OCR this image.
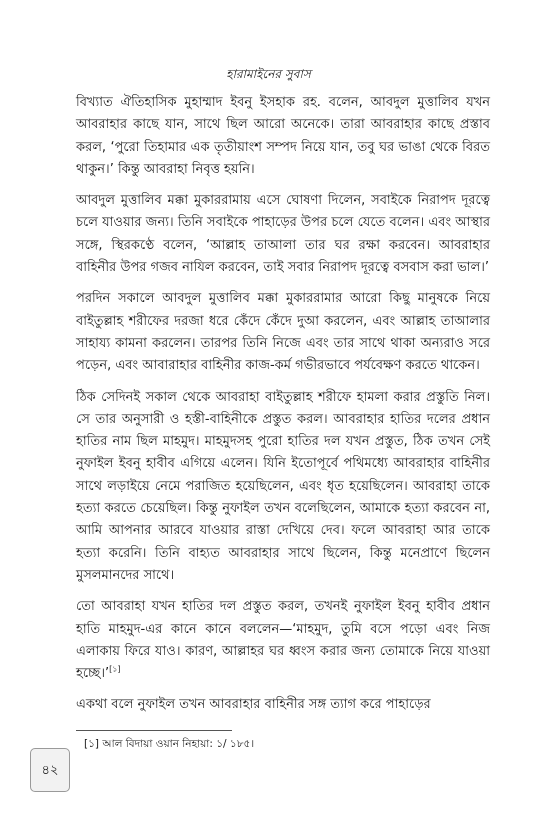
হারামাইনের সুবাস

বিখ্যাত ঐতিহাসিক মুহাম্মাদ ইবনু ইসহাক রহ. বলেন, আবদুল মুত্তালিব যখন আবরাহার কাছে যান, সাথে ছিল আরো অনেকে। তারা আবরাহার কাছে প্রস্তাব করল, ‘পুরো তিহামার এক তৃতীয়াংশ সম্পদ নিয়ে যান, তবু ঘর ভাঙা থেকে বিরত থাকুন।’ কিন্তু আবরাহা নিবৃত্ত হয়নি।

আবদুল মুত্তালিব মক্কা মুকাররামায় এসে ঘোষণা দিলেন, সবাইকে নিরাপদ দূরত্বে চলে যাওয়ার জন্য। তিনি সবাইকে পাহাড়ের উপর চলে যেতে বলেন। এবং আস্থার সঙ্গে, স্থিরকণ্ঠে বলেন, ‘আল্লাহ তাআলা তার ঘর রক্ষা করবেন। আবরাহার বাহিনীর উপর গজব নাযিল করবেন, তাই সবার নিরাপদ দূরত্বে বসবাস করা ভাল।’

পরদিন সকালে আবদুল মুত্তালিব মক্কা মুকাররামার আরো কিছু মানুষকে নিয়ে বাইতুল্লাহ শরীফের দরজা ধরে কেঁদে কেঁদে দুআ করলেন, এবং আল্লাহ তাআলার সাহায্য কামনা করলেন। তারপর তিনি নিজে এবং তার সাথে থাকা অন্যরাও সরে পড়েন, এবং আবারাহার বাহিনীর কাজ-কর্ম গভীরভাবে পর্যবেক্ষণ করতে থাকেন।

ঠিক সেদিনই সকাল থেকে আবরাহা বাইতুল্লাহ শরীফে হামলা করার প্রস্তুতি নিল। সে তার অনুসারী ও হস্তী-বাহিনীকে প্রস্তুত করল। আবরাহার হাতির দলের প্রধান হাতির নাম ছিল মাহমুদ। মাহমুদসহ পুরো হাতির দল যখন প্রস্তুত, ঠিক তখন সেই নুফাইল ইবনু হাবীব এগিয়ে এলেন। যিনি ইতোপূর্বে পথিমধ্যে আবরাহার বাহিনীর সাথে লড়াইয়ে নেমে পরাজিত হয়েছিলেন, এবং ধৃত হয়েছিলেন। আবরাহা তাকে হত্যা করতে চেয়েছিল। কিন্তু নুফাইল তখন বলেছিলেন, আমাকে হত্যা করবেন না, আমি আপনার আরবে যাওয়ার রাস্তা দেখিয়ে দেব। ফলে আবরাহা আর তাকে হত্যা করেনি। তিনি বাহ্যত আবরাহার সাথে ছিলেন, কিন্তু মনেপ্রাণে ছিলেন মুসলমানদের সাথে।

তো আবরাহা যখন হাতির দল প্রস্তুত করল, তখনই নুফাইল ইবনু হাবীব প্রধান হাতি মাহমুদ-এর কানে কানে বললেন—‘মাহমুদ, তুমি বসে পড়ো এবং নিজ এলাকায় ফিরে যাও। কারণ, আল্লাহর ঘর ধ্বংস করার জন্য তোমাকে নিয়ে যাওয়া হচ্ছে।’[১]

একথা বলে নুফাইল তখন আবরাহার বাহিনীর সঙ্গ ত্যাগ করে পাহাড়ের

[১] আল বিদায়া ওয়ান নিহায়া: ১/ ১৮৫।
৪২
